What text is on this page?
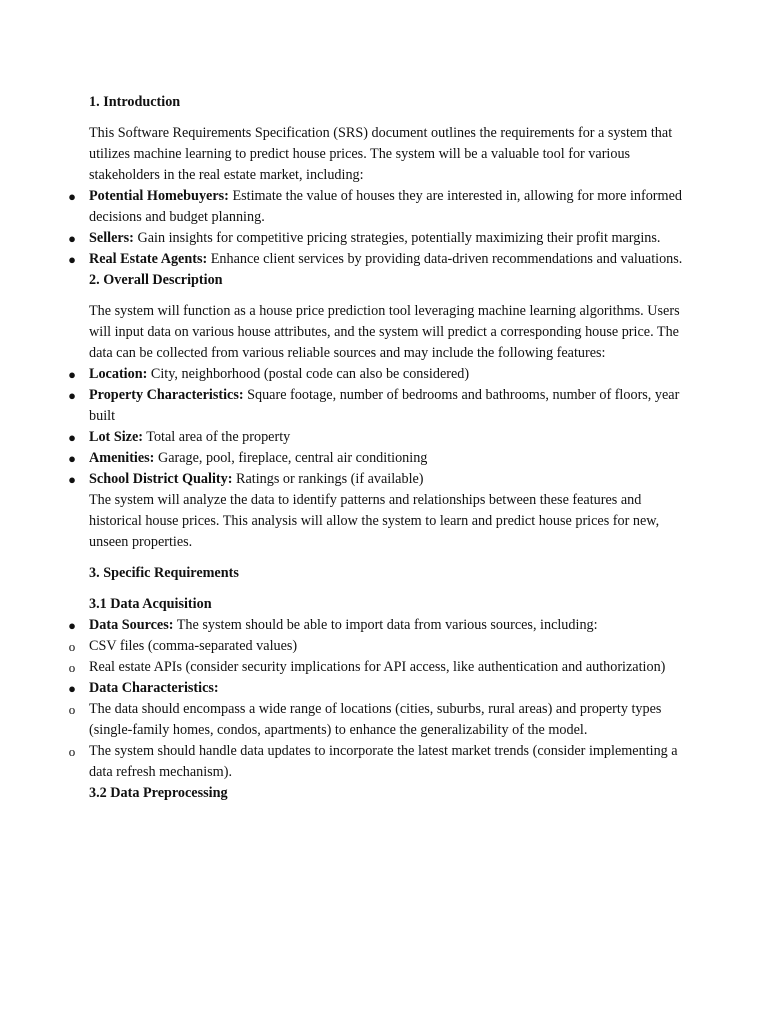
1. Introduction

This Software Requirements Specification (SRS) document outlines the requirements for a system that utilizes machine learning to predict house prices. The system will be a valuable tool for various stakeholders in the real estate market, including:

● Potential Homebuyers: Estimate the value of houses they are interested in, allowing for more informed decisions and budget planning.
● Sellers: Gain insights for competitive pricing strategies, potentially maximizing their profit margins.
● Real Estate Agents: Enhance client services by providing data-driven recommendations and valuations.

2. Overall Description

The system will function as a house price prediction tool leveraging machine learning algorithms. Users will input data on various house attributes, and the system will predict a corresponding house price. The data can be collected from various reliable sources and may include the following features:

● Location: City, neighborhood (postal code can also be considered)
● Property Characteristics: Square footage, number of bedrooms and bathrooms, number of floors, year built
● Lot Size: Total area of the property
● Amenities: Garage, pool, fireplace, central air conditioning
● School District Quality: Ratings or rankings (if available)

The system will analyze the data to identify patterns and relationships between these features and historical house prices. This analysis will allow the system to learn and predict house prices for new, unseen properties.

3. Specific Requirements

3.1 Data Acquisition

● Data Sources: The system should be able to import data from various sources, including:
o CSV files (comma-separated values)
o Real estate APIs (consider security implications for API access, like authentication and authorization)
● Data Characteristics:
o The data should encompass a wide range of locations (cities, suburbs, rural areas) and property types (single-family homes, condos, apartments) to enhance the generalizability of the model.
o The system should handle data updates to incorporate the latest market trends (consider implementing a data refresh mechanism).

3.2 Data Preprocessing
